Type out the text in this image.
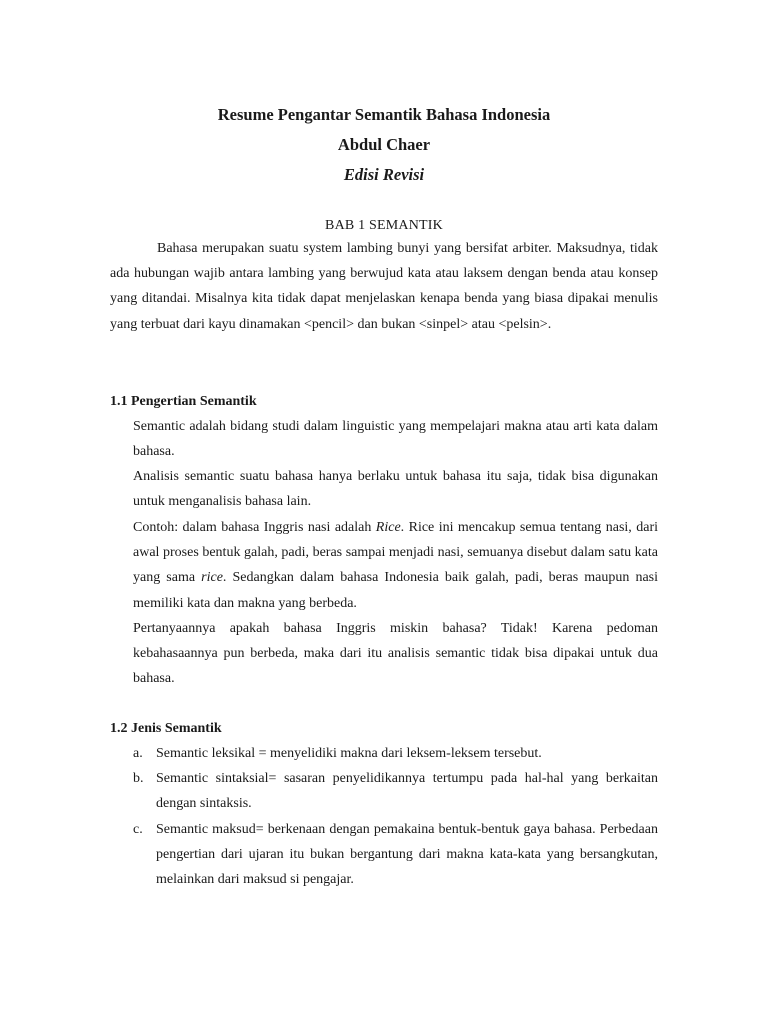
Resume Pengantar Semantik Bahasa Indonesia
Abdul Chaer
Edisi Revisi
BAB 1 SEMANTIK

Bahasa merupakan suatu system lambing bunyi yang bersifat arbiter. Maksudnya, tidak ada hubungan wajib antara lambing yang berwujud kata atau laksem dengan benda atau konsep yang ditandai. Misalnya kita tidak dapat menjelaskan kenapa benda yang biasa dipakai menulis yang terbuat dari kayu dinamakan <pencil> dan bukan <sinpel> atau <pelsin>.

1.1 Pengertian Semantik

Semantic adalah bidang studi dalam linguistic yang mempelajari makna atau arti kata dalam bahasa.

Analisis semantic suatu bahasa hanya berlaku untuk bahasa itu saja, tidak bisa digunakan untuk menganalisis bahasa lain.

Contoh: dalam bahasa Inggris nasi adalah Rice. Rice ini mencakup semua tentang nasi, dari awal proses bentuk galah, padi, beras sampai menjadi nasi, semuanya disebut dalam satu kata yang sama rice. Sedangkan dalam bahasa Indonesia baik galah, padi, beras maupun nasi memiliki kata dan makna yang berbeda.

Pertanyaannya apakah bahasa Inggris miskin bahasa? Tidak! Karena pedoman kebahasaannya pun berbeda, maka dari itu analisis semantic tidak bisa dipakai untuk dua bahasa.

1.2 Jenis Semantik
a. Semantic leksikal = menyelidiki makna dari leksem-leksem tersebut.
b. Semantic sintaksial= sasaran penyelidikannya tertumpu pada hal-hal yang berkaitan dengan sintaksis.
c. Semantic maksud= berkenaan dengan pemakaina bentuk-bentuk gaya bahasa. Perbedaan pengertian dari ujaran itu bukan bergantung dari makna kata-kata yang bersangkutan, melainkan dari maksud si pengajar.
